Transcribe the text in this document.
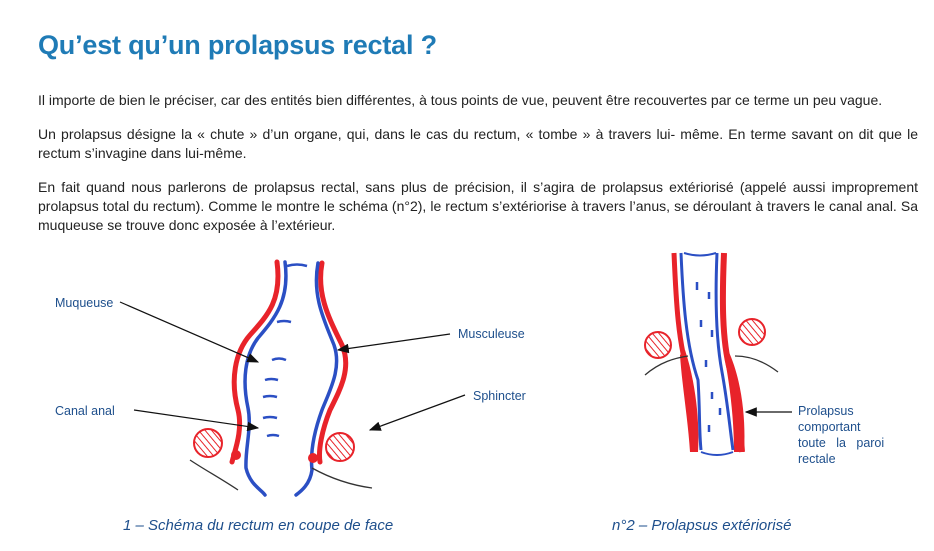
Qu’est qu’un prolapsus rectal ?

Il importe de bien le préciser, car des entités bien différentes, à tous points de vue, peuvent être recouvertes par ce terme un peu vague.

Un prolapsus désigne la « chute » d’un organe, qui, dans le cas du rectum, « tombe » à travers lui- même. En terme savant on dit que le rectum s’invagine dans lui-même.

En fait quand nous parlerons de prolapsus rectal, sans plus de précision, il s’agira de prolapsus extériorisé (appelé aussi improprement prolapsus total du rectum). Comme le montre le schéma (n°2), le rectum s’extériorise à travers l’anus, se déroulant à travers le canal anal. Sa muqueuse se trouve donc exposée à l’extérieur.

Muqueuse
Musculeuse
Canal anal
Sphincter
1 – Schéma du rectum en coupe de face
Prolapsus
comportant
toute   la   paroi
rectale
n°2 – Prolapsus extériorisé
